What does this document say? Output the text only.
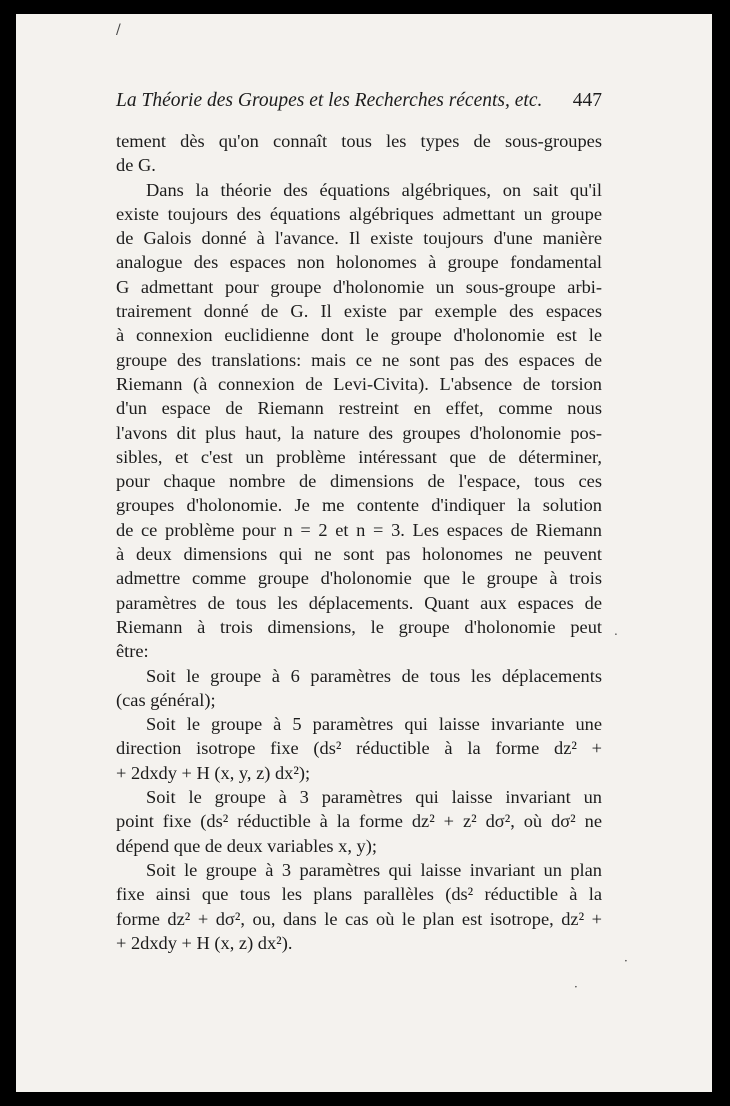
/
La Théorie des Groupes et les Recherches récents, etc. 447
tement dès qu'on connaît tous les types de sous-groupes
de G.
Dans la théorie des équations algébriques, on sait qu'il
existe toujours des équations algébriques admettant un groupe
de Galois donné à l'avance. Il existe toujours d'une manière
analogue des espaces non holonomes à groupe fondamental
G admettant pour groupe d'holonomie un sous-groupe arbi-
trairement donné de G. Il existe par exemple des espaces
à connexion euclidienne dont le groupe d'holonomie est le
groupe des translations: mais ce ne sont pas des espaces de
Riemann (à connexion de Levi-Civita). L'absence de torsion
d'un espace de Riemann restreint en effet, comme nous
l'avons dit plus haut, la nature des groupes d'holonomie pos-
sibles, et c'est un problème intéressant que de déterminer,
pour chaque nombre de dimensions de l'espace, tous ces
groupes d'holonomie. Je me contente d'indiquer la solution
de ce problème pour n = 2 et n = 3. Les espaces de Riemann
à deux dimensions qui ne sont pas holonomes ne peuvent
admettre comme groupe d'holonomie que le groupe à trois
paramètres de tous les déplacements. Quant aux espaces de
Riemann à trois dimensions, le groupe d'holonomie peut
être:
Soit le groupe à 6 paramètres de tous les déplacements
(cas général);
Soit le groupe à 5 paramètres qui laisse invariante une
direction isotrope fixe (ds² réductible à la forme dz² +
+ 2dxdy + H (x, y, z) dx²);
Soit le groupe à 3 paramètres qui laisse invariant un
point fixe (ds² réductible à la forme dz² + z² dσ², où dσ² ne
dépend que de deux variables x, y);
Soit le groupe à 3 paramètres qui laisse invariant un plan
fixe ainsi que tous les plans parallèles (ds² réductible à la
forme dz² + dσ², ou, dans le cas où le plan est isotrope, dz² +
+ 2dxdy + H (x, z) dx²).
.
·
·
